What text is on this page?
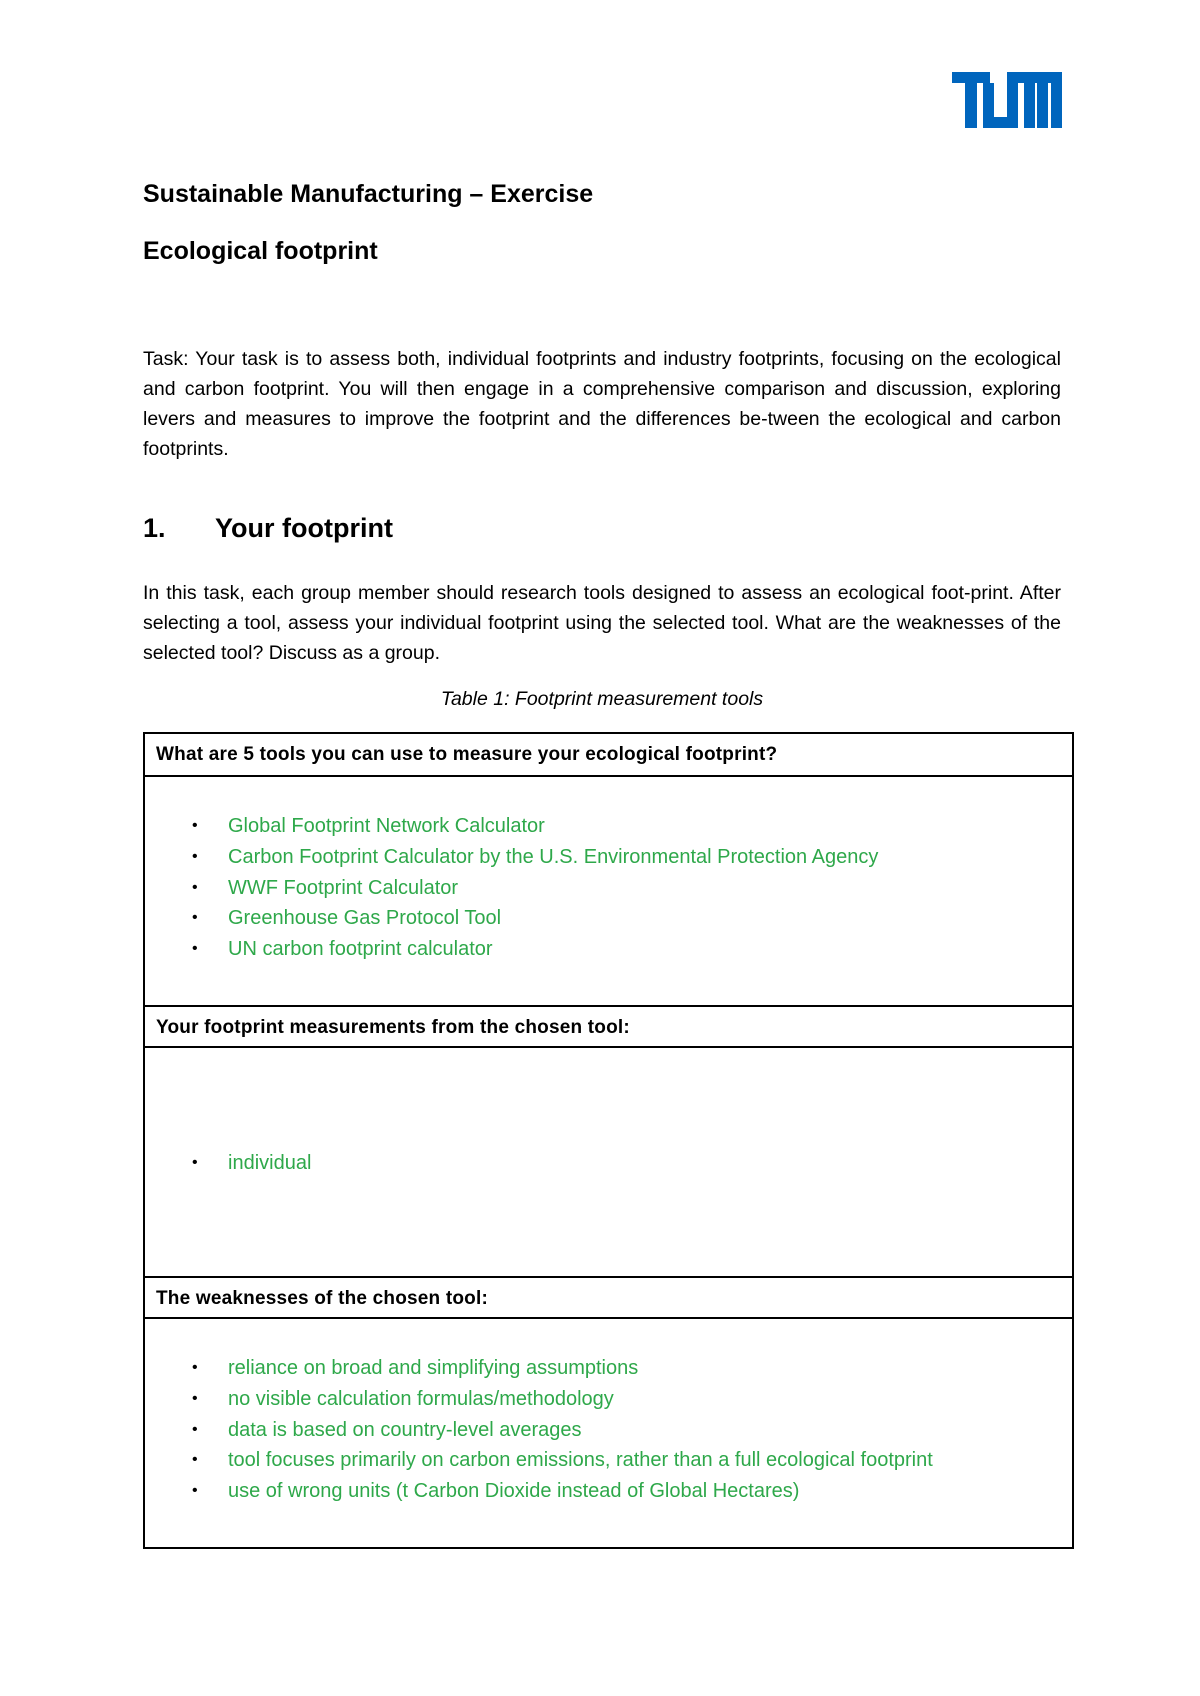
Sustainable Manufacturing – Exercise
Ecological footprint

Task: Your task is to assess both, individual footprints and industry footprints, focusing on the ecological and carbon footprint. You will then engage in a comprehensive comparison and discussion, exploring levers and measures to improve the footprint and the differences be-tween the ecological and carbon footprints.

1. Your footprint

In this task, each group member should research tools designed to assess an ecological foot-print. After selecting a tool, assess your individual footprint using the selected tool. What are the weaknesses of the selected tool? Discuss as a group.

Table 1: Footprint measurement tools

What are 5 tools you can use to measure your ecological footprint?
• Global Footprint Network Calculator
• Carbon Footprint Calculator by the U.S. Environmental Protection Agency
• WWF Footprint Calculator
• Greenhouse Gas Protocol Tool
• UN carbon footprint calculator
Your footprint measurements from the chosen tool:
• individual
The weaknesses of the chosen tool:
• reliance on broad and simplifying assumptions
• no visible calculation formulas/methodology
• data is based on country-level averages
• tool focuses primarily on carbon emissions, rather than a full ecological footprint
• use of wrong units (t Carbon Dioxide instead of Global Hectares)
